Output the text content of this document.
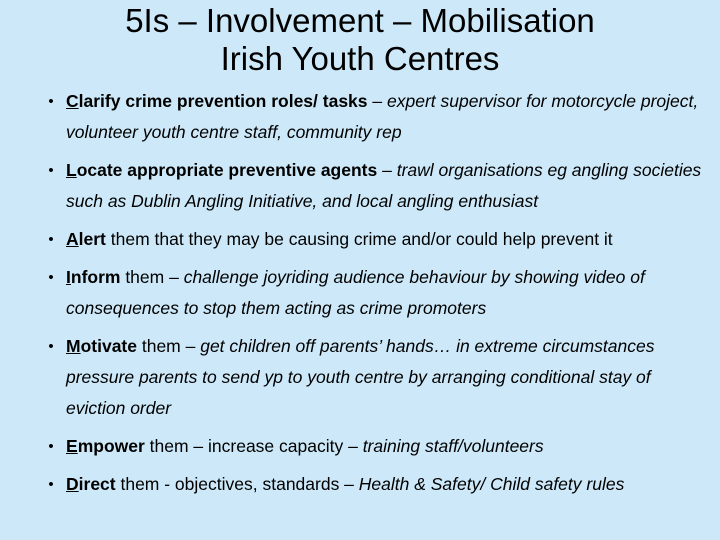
5Is – Involvement – Mobilisation
Irish Youth Centres
• Clarify crime prevention roles/ tasks – expert supervisor for motorcycle project, volunteer youth centre staff, community rep
• Locate appropriate preventive agents – trawl organisations eg angling societies such as Dublin Angling Initiative, and local angling enthusiast
• Alert them that they may be causing crime and/or could help prevent it
• Inform them – challenge joyriding audience behaviour by showing video of consequences to stop them acting as crime promoters
• Motivate them – get children off parents’ hands… in extreme circumstances pressure parents to send yp to youth centre by arranging conditional stay of eviction order
• Empower them – increase capacity – training staff/volunteers
• Direct them - objectives, standards – Health & Safety/ Child safety rules
